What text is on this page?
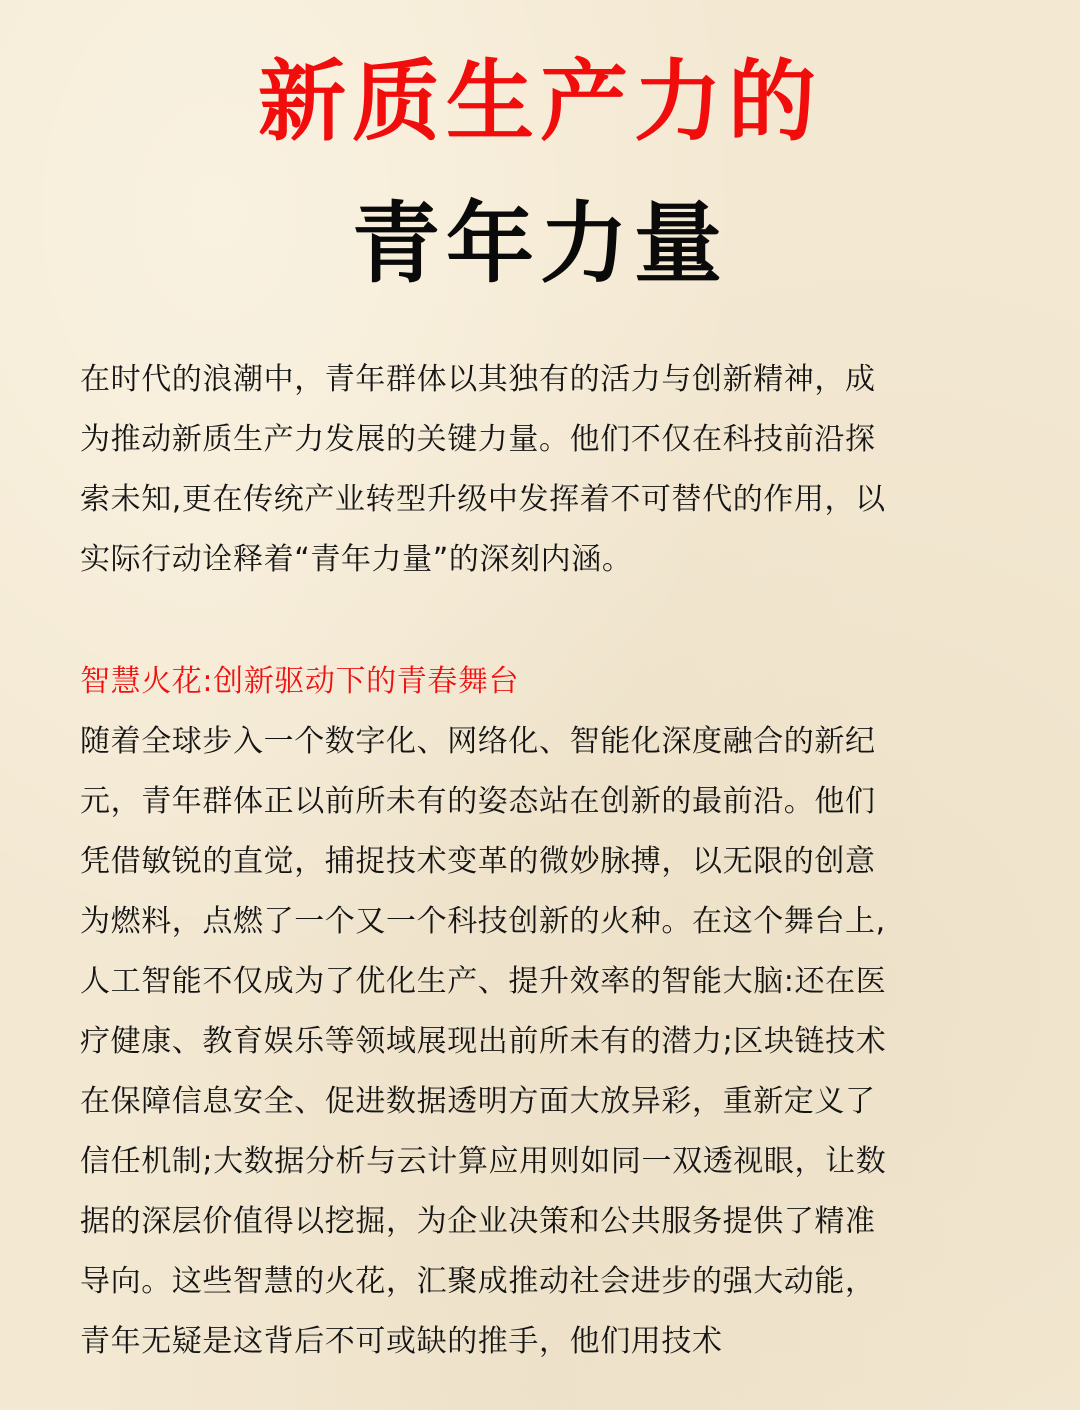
新质生产力的
青年力量
在时代的浪潮中，青年群体以其独有的活力与创新精神，成
为推动新质生产力发展的关键力量。他们不仅在科技前沿探
索未知,更在传统产业转型升级中发挥着不可替代的作用，以
实际行动诠释着“青年力量”的深刻内涵。
智慧火花:创新驱动下的青春舞台
随着全球步入一个数字化、网络化、智能化深度融合的新纪
元，青年群体正以前所未有的姿态站在创新的最前沿。他们
凭借敏锐的直觉，捕捉技术变革的微妙脉搏，以无限的创意
为燃料，点燃了一个又一个科技创新的火种。在这个舞台上,
人工智能不仅成为了优化生产、提升效率的智能大脑:还在医
疗健康、教育娱乐等领域展现出前所未有的潜力;区块链技术
在保障信息安全、促进数据透明方面大放异彩，重新定义了
信任机制;大数据分析与云计算应用则如同一双透视眼，让数
据的深层价值得以挖掘，为企业决策和公共服务提供了精准
导向。这些智慧的火花，汇聚成推动社会进步的强大动能，
青年无疑是这背后不可或缺的推手，他们用技术
